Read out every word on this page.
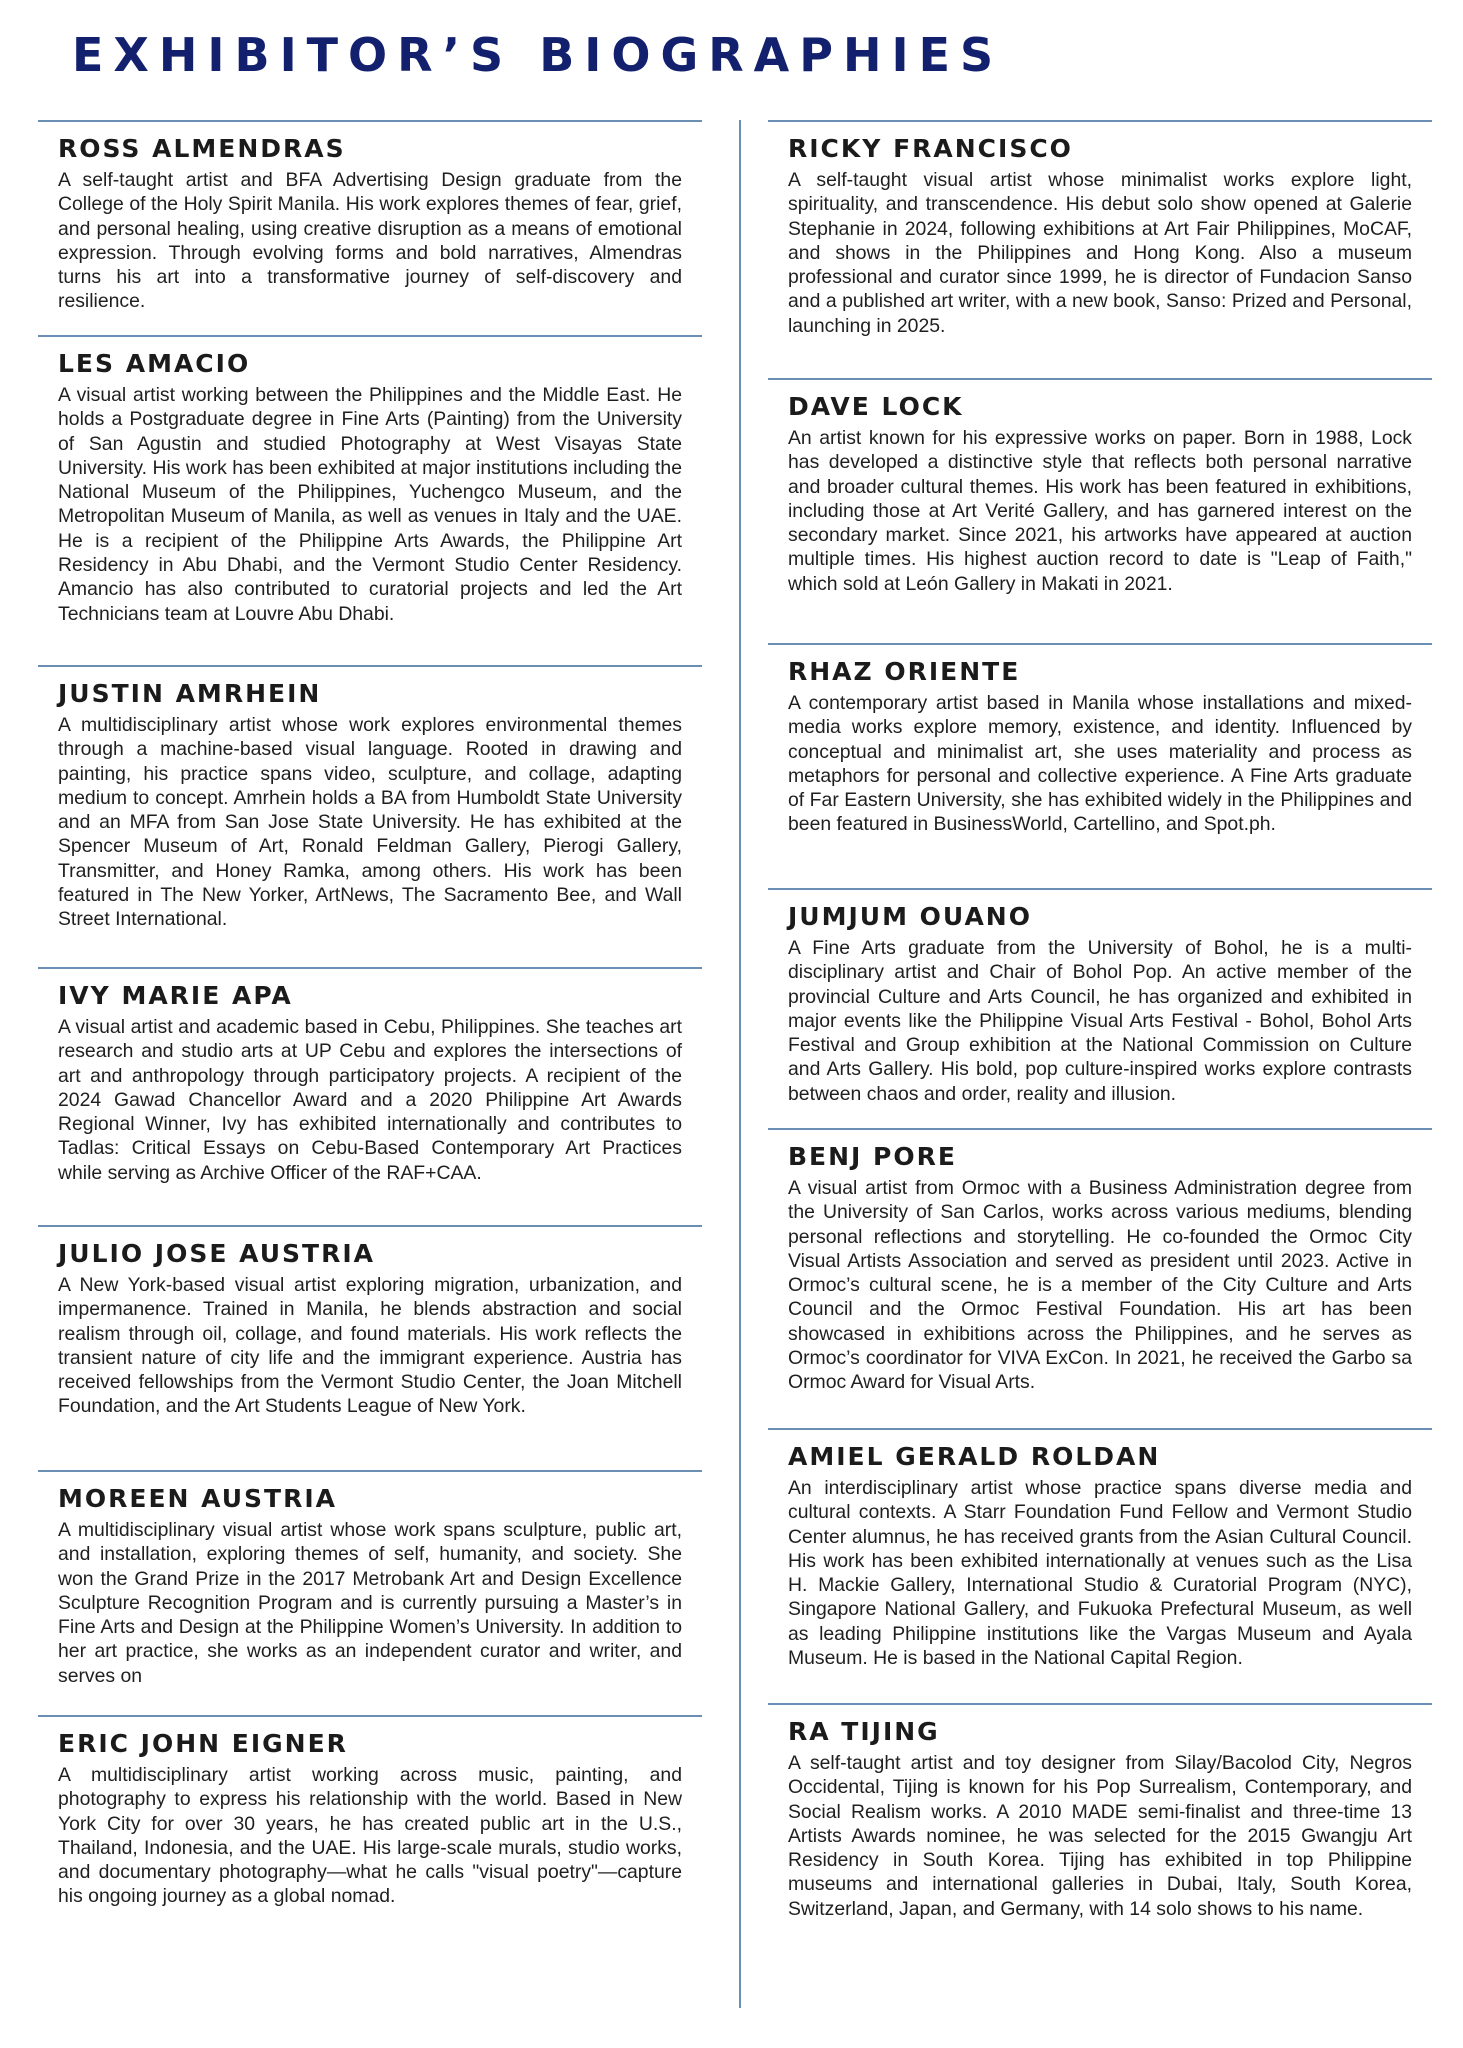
EXHIBITOR’S BIOGRAPHIES
ROSS ALMENDRAS

A self-taught artist and BFA Advertising Design graduate from the College of the Holy Spirit Manila. His work explores themes of fear, grief, and personal healing, using creative disruption as a means of emotional expression. Through evolving forms and bold narratives, Almendras turns his art into a transformative journey of self-discovery and resilience.

LES AMACIO

A visual artist working between the Philippines and the Middle East. He holds a Postgraduate degree in Fine Arts (Painting) from the University of San Agustin and studied Photography at West Visayas State University. His work has been exhibited at major institutions including the National Museum of the Philippines, Yuchengco Museum, and the Metropolitan Museum of Manila, as well as venues in Italy and the UAE. He is a recipient of the Philippine Arts Awards, the Philippine Art Residency in Abu Dhabi, and the Vermont Studio Center Residency. Amancio has also contributed to curatorial projects and led the Art Technicians team at Louvre Abu Dhabi.

JUSTIN AMRHEIN

A multidisciplinary artist whose work explores environmental themes through a machine-based visual language. Rooted in drawing and painting, his practice spans video, sculpture, and collage, adapting medium to concept. Amrhein holds a BA from Humboldt State University and an MFA from San Jose State University. He has exhibited at the Spencer Museum of Art, Ronald Feldman Gallery, Pierogi Gallery, Transmitter, and Honey Ramka, among others. His work has been featured in The New Yorker, ArtNews, The Sacramento Bee, and Wall Street International.

IVY MARIE APA

A visual artist and academic based in Cebu, Philippines. She teaches art research and studio arts at UP Cebu and explores the intersections of art and anthropology through participatory projects. A recipient of the 2024 Gawad Chancellor Award and a 2020 Philippine Art Awards Regional Winner, Ivy has exhibited internationally and contributes to Tadlas: Critical Essays on Cebu-Based Contemporary Art Practices while serving as Archive Officer of the RAF+CAA.

JULIO JOSE AUSTRIA

A New York-based visual artist exploring migration, urbanization, and impermanence. Trained in Manila, he blends abstraction and social realism through oil, collage, and found materials. His work reflects the transient nature of city life and the immigrant experience. Austria has received fellowships from the Vermont Studio Center, the Joan Mitchell Foundation, and the Art Students League of New York.

MOREEN AUSTRIA

A multidisciplinary visual artist whose work spans sculpture, public art, and installation, exploring themes of self, humanity, and society. She won the Grand Prize in the 2017 Metrobank Art and Design Excellence Sculpture Recognition Program and is currently pursuing a Master’s in Fine Arts and Design at the Philippine Women’s University. In addition to her art practice, she works as an independent curator and writer, and serves on

ERIC JOHN EIGNER

A multidisciplinary artist working across music, painting, and photography to express his relationship with the world. Based in New York City for over 30 years, he has created public art in the U.S., Thailand, Indonesia, and the UAE. His large-scale murals, studio works, and documentary photography—what he calls "visual poetry"—capture his ongoing journey as a global nomad.

RICKY FRANCISCO

A self-taught visual artist whose minimalist works explore light, spirituality, and transcendence. His debut solo show opened at Galerie Stephanie in 2024, following exhibitions at Art Fair Philippines, MoCAF, and shows in the Philippines and Hong Kong. Also a museum professional and curator since 1999, he is director of Fundacion Sanso and a published art writer, with a new book, Sanso: Prized and Personal, launching in 2025.

DAVE LOCK

An artist known for his expressive works on paper. Born in 1988, Lock has developed a distinctive style that reflects both personal narrative and broader cultural themes. His work has been featured in exhibitions, including those at Art Verité Gallery, and has garnered interest on the secondary market. Since 2021, his artworks have appeared at auction multiple times. His highest auction record to date is "Leap of Faith," which sold at León Gallery in Makati in 2021.

RHAZ ORIENTE

A contemporary artist based in Manila whose installations and mixed-media works explore memory, existence, and identity. Influenced by conceptual and minimalist art, she uses materiality and process as metaphors for personal and collective experience. A Fine Arts graduate of Far Eastern University, she has exhibited widely in the Philippines and been featured in BusinessWorld, Cartellino, and Spot.ph.

JUMJUM OUANO

A Fine Arts graduate from the University of Bohol, he is a multi-disciplinary artist and Chair of Bohol Pop. An active member of the provincial Culture and Arts Council, he has organized and exhibited in major events like the Philippine Visual Arts Festival - Bohol, Bohol Arts Festival and Group exhibition at the National Commission on Culture and Arts Gallery. His bold, pop culture-inspired works explore contrasts between chaos and order, reality and illusion.

BENJ PORE

A visual artist from Ormoc with a Business Administration degree from the University of San Carlos, works across various mediums, blending personal reflections and storytelling. He co-founded the Ormoc City Visual Artists Association and served as president until 2023. Active in Ormoc’s cultural scene, he is a member of the City Culture and Arts Council and the Ormoc Festival Foundation. His art has been showcased in exhibitions across the Philippines, and he serves as Ormoc’s coordinator for VIVA ExCon. In 2021, he received the Garbo sa Ormoc Award for Visual Arts.

AMIEL GERALD ROLDAN

An interdisciplinary artist whose practice spans diverse media and cultural contexts. A Starr Foundation Fund Fellow and Vermont Studio Center alumnus, he has received grants from the Asian Cultural Council. His work has been exhibited internationally at venues such as the Lisa H. Mackie Gallery, International Studio & Curatorial Program (NYC), Singapore National Gallery, and Fukuoka Prefectural Museum, as well as leading Philippine institutions like the Vargas Museum and Ayala Museum. He is based in the National Capital Region.

RA TIJING

A self-taught artist and toy designer from Silay/Bacolod City, Negros Occidental, Tijing is known for his Pop Surrealism, Contemporary, and Social Realism works. A 2010 MADE semi-finalist and three-time 13 Artists Awards nominee, he was selected for the 2015 Gwangju Art Residency in South Korea. Tijing has exhibited in top Philippine museums and international galleries in Dubai, Italy, South Korea, Switzerland, Japan, and Germany, with 14 solo shows to his name.
